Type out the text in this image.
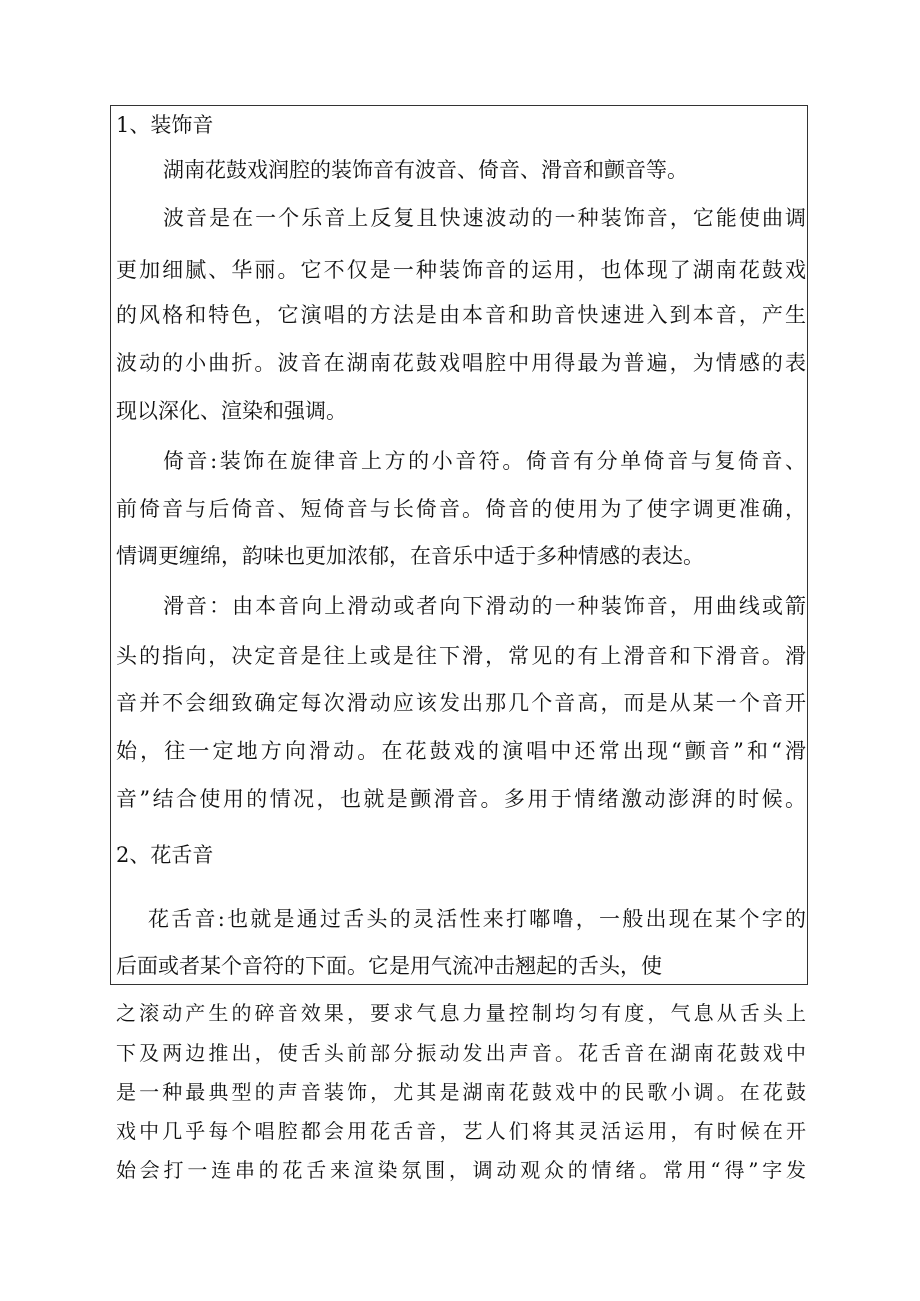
1、装饰音
湖南花鼓戏润腔的装饰音有波音、倚音、滑音和颤音等。
波音是在一个乐音上反复且快速波动的一种装饰音，它能使曲调
更加细腻、华丽。它不仅是一种装饰音的运用，也体现了湖南花鼓戏
的风格和特色，它演唱的方法是由本音和助音快速进入到本音，产生
波动的小曲折。波音在湖南花鼓戏唱腔中用得最为普遍，为情感的表
现以深化、渲染和强调。
倚音:装饰在旋律音上方的小音符。倚音有分单倚音与复倚音、
前倚音与后倚音、短倚音与长倚音。倚音的使用为了使字调更准确，
情调更缠绵，韵味也更加浓郁，在音乐中适于多种情感的表达。
滑音：由本音向上滑动或者向下滑动的一种装饰音，用曲线或箭
头的指向，决定音是往上或是往下滑，常见的有上滑音和下滑音。滑
音并不会细致确定每次滑动应该发出那几个音高，而是从某一个音开
始，往一定地方向滑动。在花鼓戏的演唱中还常出现“颤音”和“滑
音”结合使用的情况，也就是颤滑音。多用于情绪激动澎湃的时候。
2、花舌音
花舌音:也就是通过舌头的灵活性来打嘟噜，一般出现在某个字的
后面或者某个音符的下面。它是用气流冲击翘起的舌头，使
之滚动产生的碎音效果，要求气息力量控制均匀有度，气息从舌头上
下及两边推出，使舌头前部分振动发出声音。花舌音在湖南花鼓戏中
是一种最典型的声音装饰，尤其是湖南花鼓戏中的民歌小调。在花鼓
戏中几乎每个唱腔都会用花舌音，艺人们将其灵活运用，有时候在开
始会打一连串的花舌来渲染氛围，调动观众的情绪。常用“得”字发
